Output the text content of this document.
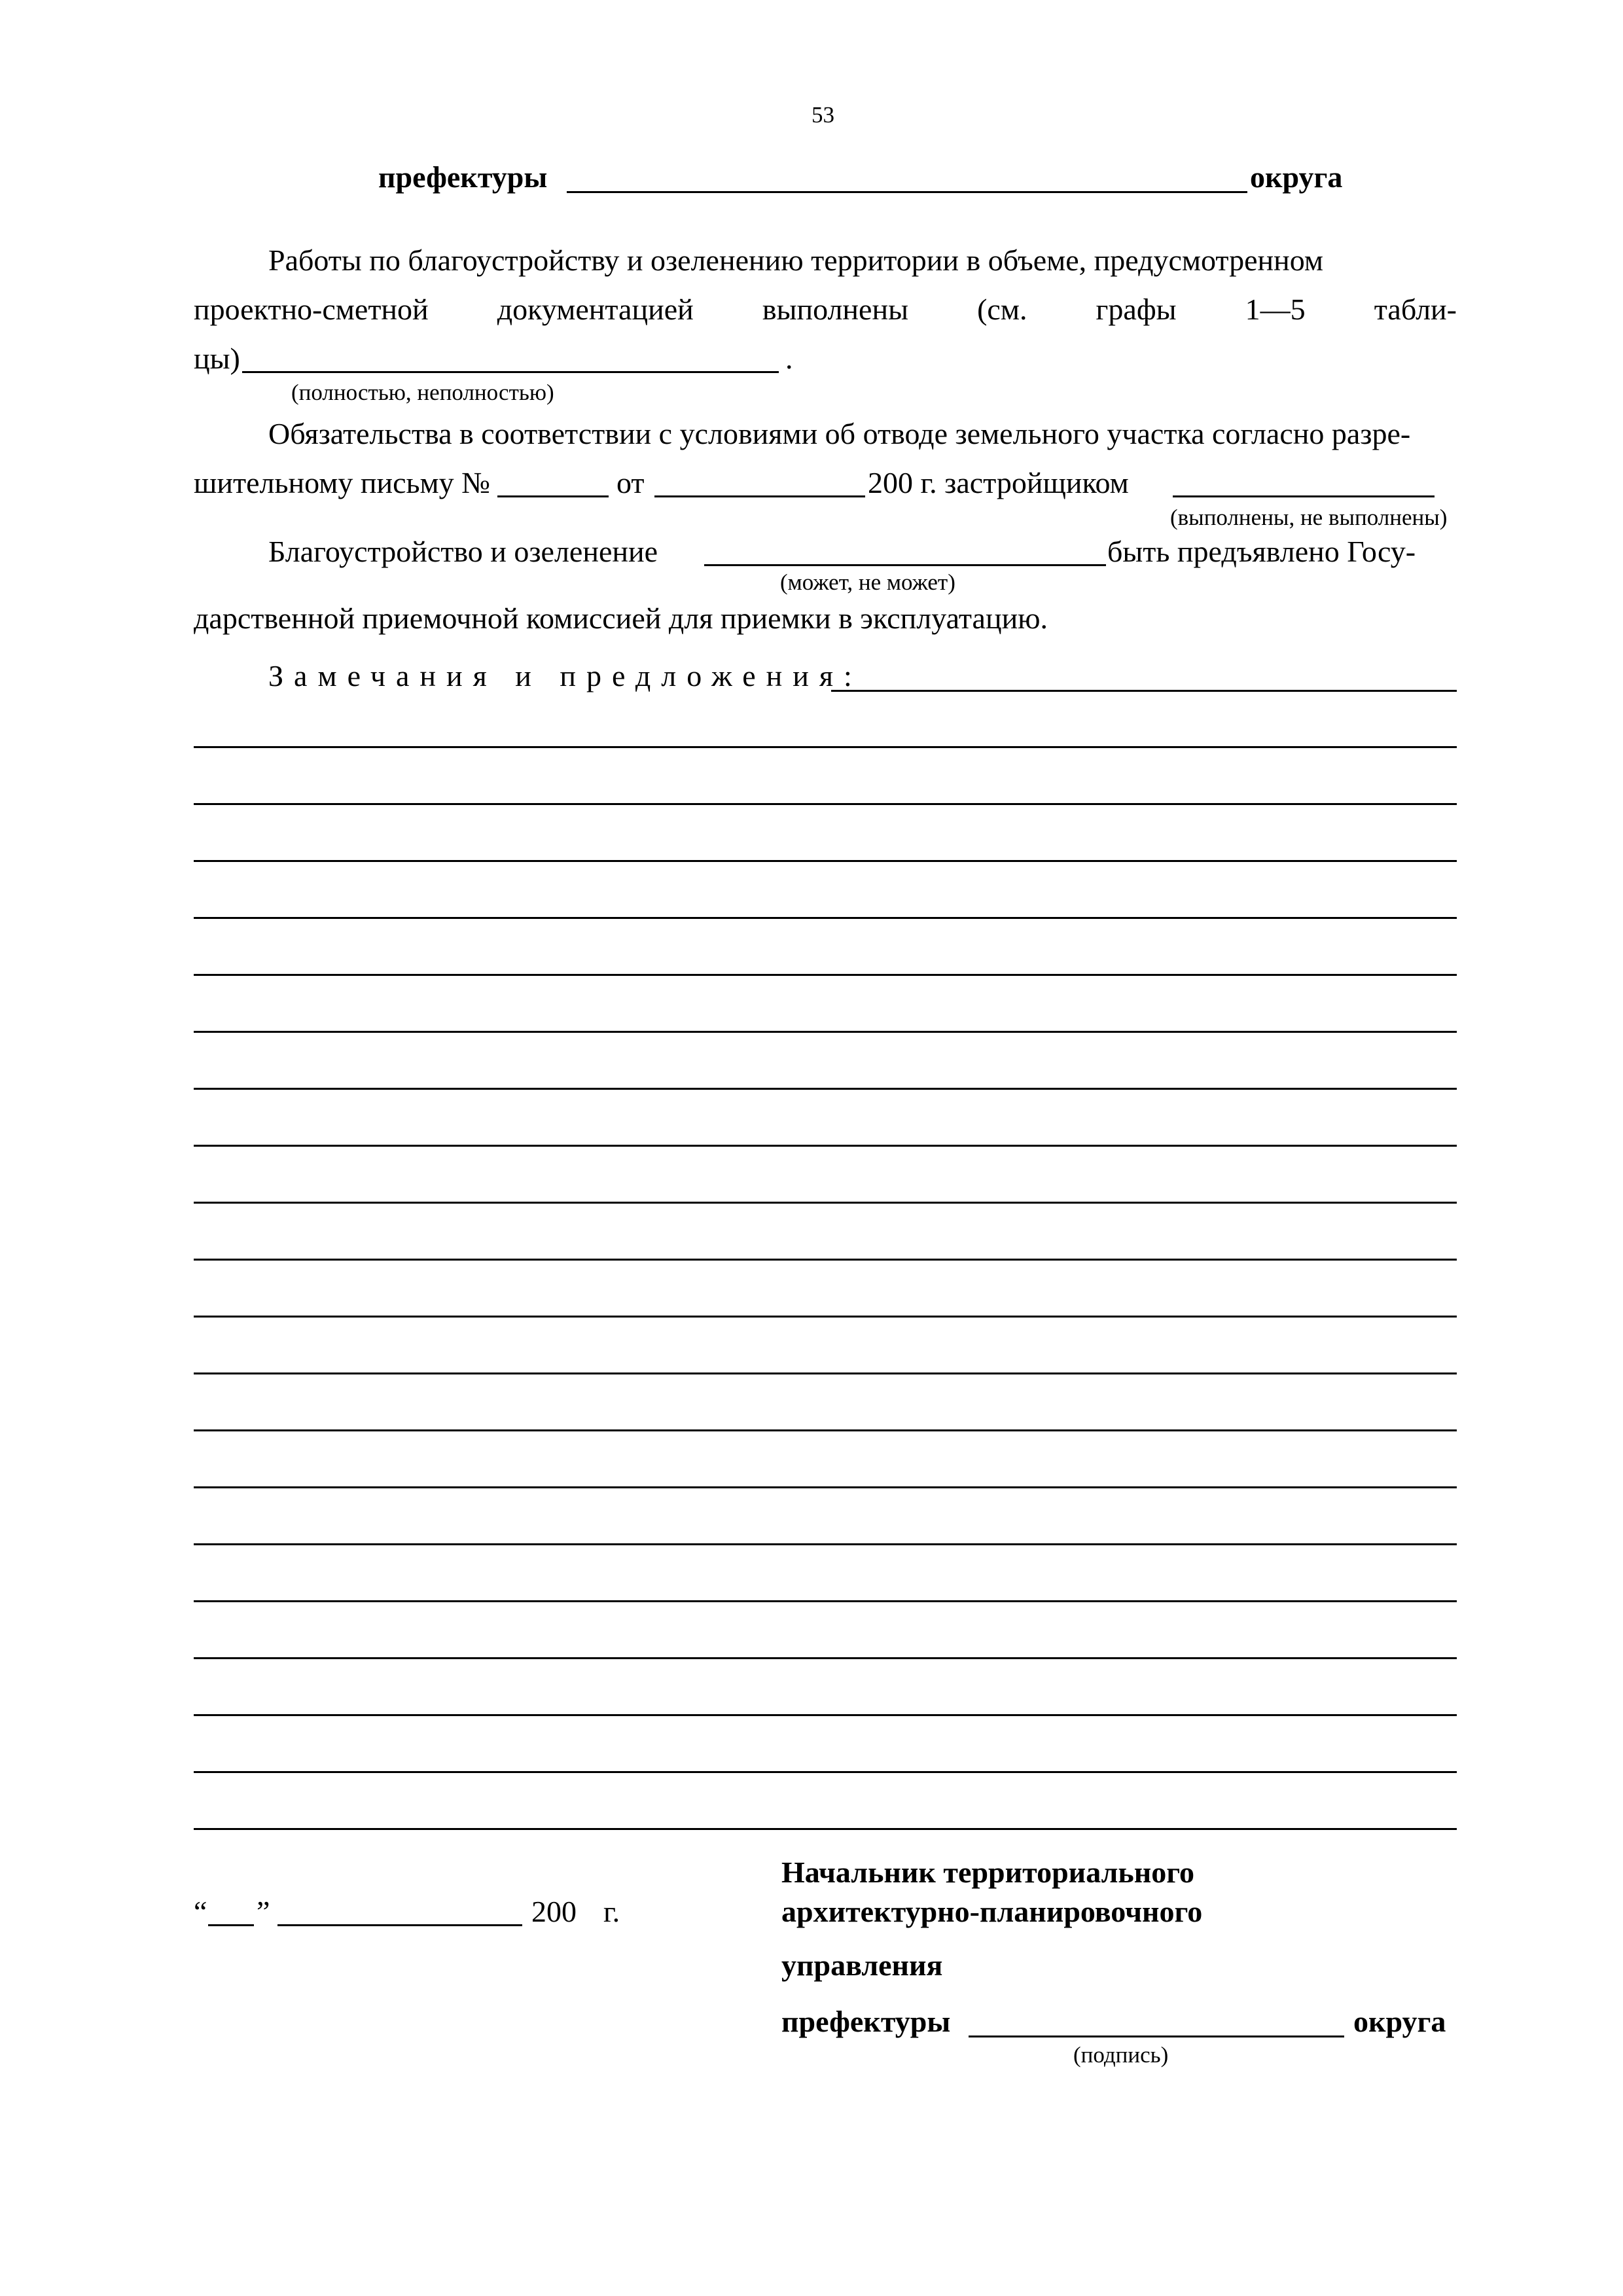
53
префектуры	округа
Работы по благоустройству и озеленению территории в объеме, предусмотренном
проектно-сметной документацией выполнены (см. графы 1—5 табли-
цы)	.
(полностью, неполностью)
Обязательства в соответствии с условиями об отводе земельного участка согласно разре-
шительному письму №	от	200 г. застройщиком
(выполнены, не выполнены)
Благоустройство и озеленение	быть предъявлено Госу-
(может, не может)
дарственной приемочной комиссией для приемки в эксплуатацию.
Замечания и предложения:
“ ”	200 г.
Начальник территориального
архитектурно-планировочного
управления
префектуры	округа
(подпись)
